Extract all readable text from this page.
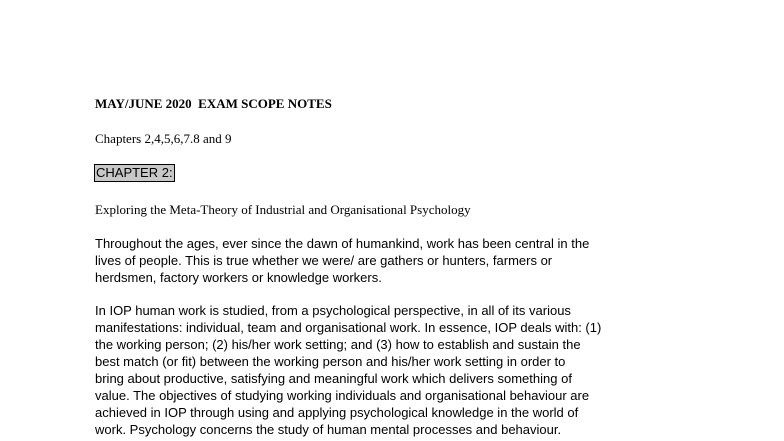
MAY/JUNE 2020  EXAM SCOPE NOTES
Chapters 2,4,5,6,7.8 and 9
CHAPTER 2:
Exploring the Meta-Theory of Industrial and Organisational Psychology
Throughout the ages, ever since the dawn of humankind, work has been central in the
lives of people. This is true whether we were/ are gathers or hunters, farmers or
herdsmen, factory workers or knowledge workers.
In IOP human work is studied, from a psychological perspective, in all of its various
manifestations: individual, team and organisational work. In essence, IOP deals with: (1)
the working person; (2) his/her work setting; and (3) how to establish and sustain the
best match (or fit) between the working person and his/her work setting in order to
bring about productive, satisfying and meaningful work which delivers something of
value. The objectives of studying working individuals and organisational behaviour are
achieved in IOP through using and applying psychological knowledge in the world of
work. Psychology concerns the study of human mental processes and behaviour.
